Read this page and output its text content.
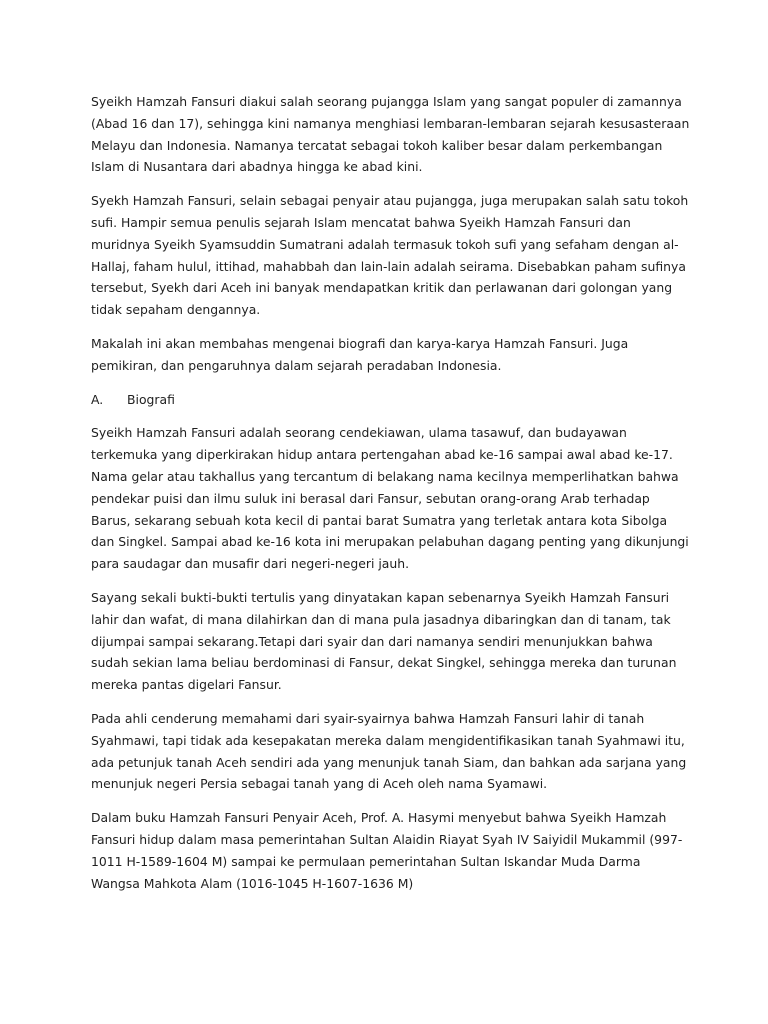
Syeikh Hamzah Fansuri diakui salah seorang pujangga Islam yang sangat populer di zamannya (Abad 16 dan 17), sehingga kini namanya menghiasi lembaran-lembaran sejarah kesusasteraan Melayu dan Indonesia. Namanya tercatat sebagai tokoh kaliber besar dalam perkembangan Islam di Nusantara dari abadnya hingga ke abad kini.

Syekh Hamzah Fansuri, selain sebagai penyair atau pujangga, juga merupakan salah satu tokoh sufi. Hampir semua penulis sejarah Islam mencatat bahwa Syeikh Hamzah Fansuri dan muridnya Syeikh Syamsuddin Sumatrani adalah termasuk tokoh sufi yang sefaham dengan al-Hallaj, faham hulul, ittihad, mahabbah dan lain-lain adalah seirama. Disebabkan paham sufinya tersebut, Syekh dari Aceh ini banyak mendapatkan kritik dan perlawanan dari golongan yang tidak sepaham dengannya.

Makalah ini akan membahas mengenai biografi dan karya-karya Hamzah Fansuri. Juga pemikiran, dan pengaruhnya dalam sejarah peradaban Indonesia.

A.	Biografi

Syeikh Hamzah Fansuri adalah seorang cendekiawan, ulama tasawuf, dan budayawan terkemuka yang diperkirakan hidup antara pertengahan abad ke-16 sampai awal abad ke-17. Nama gelar atau takhallus yang tercantum di belakang nama kecilnya memperlihatkan bahwa pendekar puisi dan ilmu suluk ini berasal dari Fansur, sebutan orang-orang Arab terhadap Barus, sekarang sebuah kota kecil di pantai barat Sumatra yang terletak antara kota Sibolga dan Singkel. Sampai abad ke-16 kota ini merupakan pelabuhan dagang penting yang dikunjungi para saudagar dan musafir dari negeri-negeri jauh.

Sayang sekali bukti-bukti tertulis yang dinyatakan kapan sebenarnya Syeikh Hamzah Fansuri lahir dan wafat, di mana dilahirkan dan di mana pula jasadnya dibaringkan dan di tanam, tak dijumpai sampai sekarang.Tetapi dari syair dan dari namanya sendiri menunjukkan bahwa sudah sekian lama beliau berdominasi di Fansur, dekat Singkel, sehingga mereka dan turunan mereka pantas digelari Fansur.

Pada ahli cenderung memahami dari syair-syairnya bahwa Hamzah Fansuri lahir di tanah Syahmawi, tapi tidak ada kesepakatan mereka dalam mengidentifikasikan tanah Syahmawi itu, ada petunjuk tanah Aceh sendiri ada yang menunjuk tanah Siam, dan bahkan ada sarjana yang menunjuk negeri Persia sebagai tanah yang di Aceh oleh nama Syamawi.

Dalam buku Hamzah Fansuri Penyair Aceh, Prof. A. Hasymi menyebut bahwa Syeikh Hamzah Fansuri hidup dalam masa pemerintahan Sultan Alaidin Riayat Syah IV Saiyidil Mukammil (997-1011 H-1589-1604 M) sampai ke permulaan pemerintahan Sultan Iskandar Muda Darma Wangsa Mahkota Alam (1016-1045 H-1607-1636 M)
